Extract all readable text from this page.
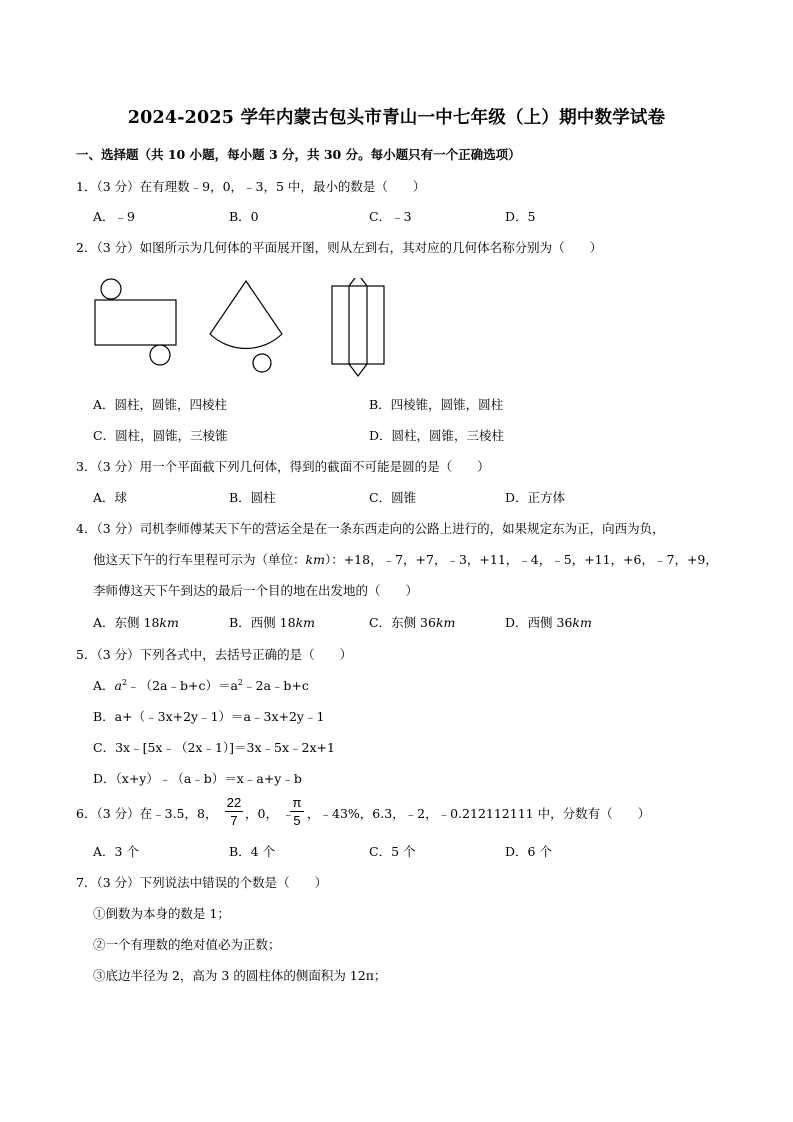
2024-2025 学年内蒙古包头市青山一中七年级（上）期中数学试卷
一、选择题（共 10 小题，每小题 3 分，共 30 分。每小题只有一个正确选项）
1．（3 分）在有理数﹣9，0，﹣3，5 中，最小的数是（　　）
A．﹣9	B．0	C．﹣3	D．5
2．（3 分）如图所示为几何体的平面展开图，则从左到右，其对应的几何体名称分别为（　　）
A．圆柱，圆锥，四棱柱	B．四棱锥，圆锥，圆柱
C．圆柱，圆锥，三棱锥	D．圆柱，圆锥，三棱柱
3．（3 分）用一个平面截下列几何体，得到的截面不可能是圆的是（　　）
A．球	B．圆柱	C．圆锥	D．正方体
4．（3 分）司机李师傅某天下午的营运全是在一条东西走向的公路上进行的，如果规定东为正，向西为负，
他这天下午的行车里程可示为（单位：km）：+18，﹣7，+7，﹣3，+11，﹣4，﹣5，+11，+6，﹣7，+9，
李师傅这天下午到达的最后一个目的地在出发地的（　　）
A．东侧 18km	B．西侧 18km	C．东侧 36km	D．西侧 36km
5．（3 分）下列各式中，去括号正确的是（　　）
A．$a^2﹣(2a﹣b+c)=a^2﹣2a﹣b+c$
B．a+（﹣3x+2y﹣1）＝a﹣3x+2y﹣1
C．3x﹣[5x﹣（2x﹣1）]＝3x﹣5x﹣2x+1
D．（x+y）﹣（a﹣b）＝x﹣a+y﹣b
6．（3 分）在﹣3.5，8，
22
7 ，0， ﹣
π
5 ，﹣43%，6.3，﹣2，﹣0.212112111 中，分数有（　　）
A．3 个	B．4 个	C．5 个	D．6 个
7．（3 分）下列说法中错误的个数是（　　）
①倒数为本身的数是 1；
②一个有理数的绝对值必为正数；
③底边半径为 2，高为 3 的圆柱体的侧面积为 12π；
